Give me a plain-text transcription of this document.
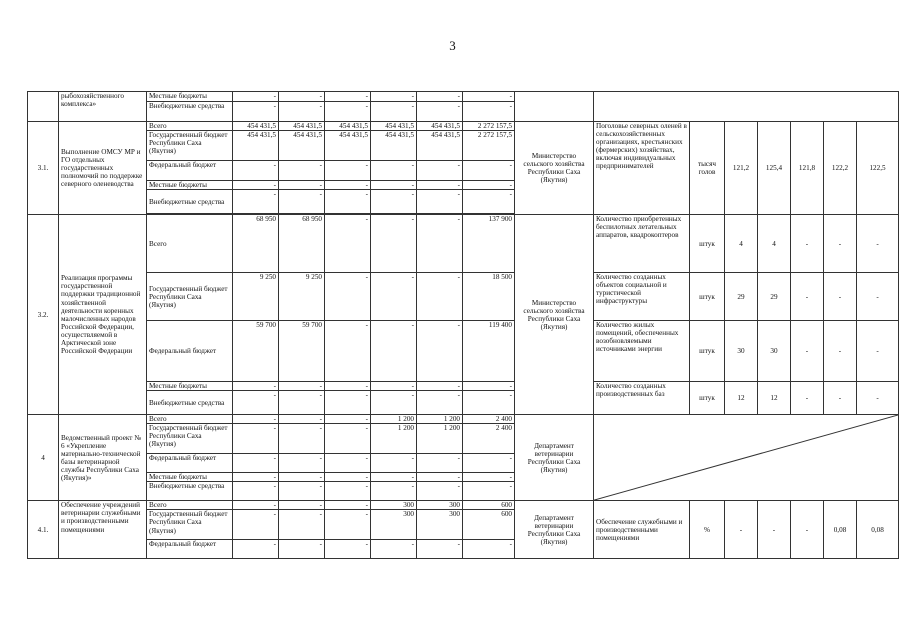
3
	рыбохозяйственного комплекса»	Местные бюджеты	-	-	-	-	-	-								
		Внебюджетные средства	-	-	-	-	-	-								
3.1.	Выполнение ОМСУ МР и ГО отдельных государственных полномочий по поддержке северного оленеводства	Всего	454 431,5	454 431,5	454 431,5	454 431,5	454 431,5	2 272 157,5	Министерство сельского хозяйства Республики Саха (Якутия)	Поголовье северных оленей в сельскохозяйственных организациях, крестьянских (фермерских) хозяйствах, включая индивидуальных предпринимателей	тысяч голов	121,2	125,4	121,8	122,2	122,5
		Государственный бюджет Республики Саха (Якутия)	454 431,5	454 431,5	454 431,5	454 431,5	454 431,5	2 272 157,5								
		Федеральный бюджет	-	-	-	-	-	-								
		Местные бюджеты	-	-	-	-	-	-								
		Внебюджетные средства	-	-	-	-	-	-								

3.2.	Реализация программы государственной поддержки традиционной хозяйственной деятельности коренных малочисленных народов Российской Федерации, осуществляемой в Арктической зоне Российской Федерации	Всего	68 950	68 950	-	-	-	137 900	Министерство сельского хозяйства Республики Саха (Якутия)	Количество приобретенных беспилотных летательных аппаратов, квадрокоптеров	штук	4	4	-	-	-
		Государственный бюджет Республики Саха (Якутия)	9 250	9 250	-	-	-	18 500		Количество созданных объектов социальной и туристической инфраструктуры	штук	29	29	-	-	-
		Федеральный бюджет	59 700	59 700	-	-	-	119 400		Количество жилых помещений, обеспеченных возобновляемыми источниками энергии	штук	30	30	-	-	-
		Местные бюджеты	-	-	-	-	-	-		Количество созданных производственных баз	штук	12	12	-	-	-
		Внебюджетные средства	-	-	-	-	-	-								
4	Ведомственный проект № 6 «Укрепление материально-технической базы ветеринарной службы Республики Саха (Якутия)»	Всего	-	-	-	1 200	1 200	2 400	Департамент ветеринарии Республики Саха (Якутия)	

		Государственный бюджет Республики Саха (Якутия)	-	-	-	1 200	1 200	2 400								
		Федеральный бюджет	-	-	-	-	-	-								
		Местные бюджеты	-	-	-	-	-	-								
		Внебюджетные средства	-	-	-	-	-	-								
4.1.	Обеспечение учреждений ветеринарии служебными и производственными помещениями	Всего	-	-	-	300	300	600	Департамент ветеринарии Республики Саха (Якутия)	Обеспечение служебными и производственными помещениями	%	-	-	-	0,08	0,08
		Государственный бюджет Республики Саха (Якутия)	-	-	-	300	300	600								
		Федеральный бюджет	-	-	-	-	-	-								
